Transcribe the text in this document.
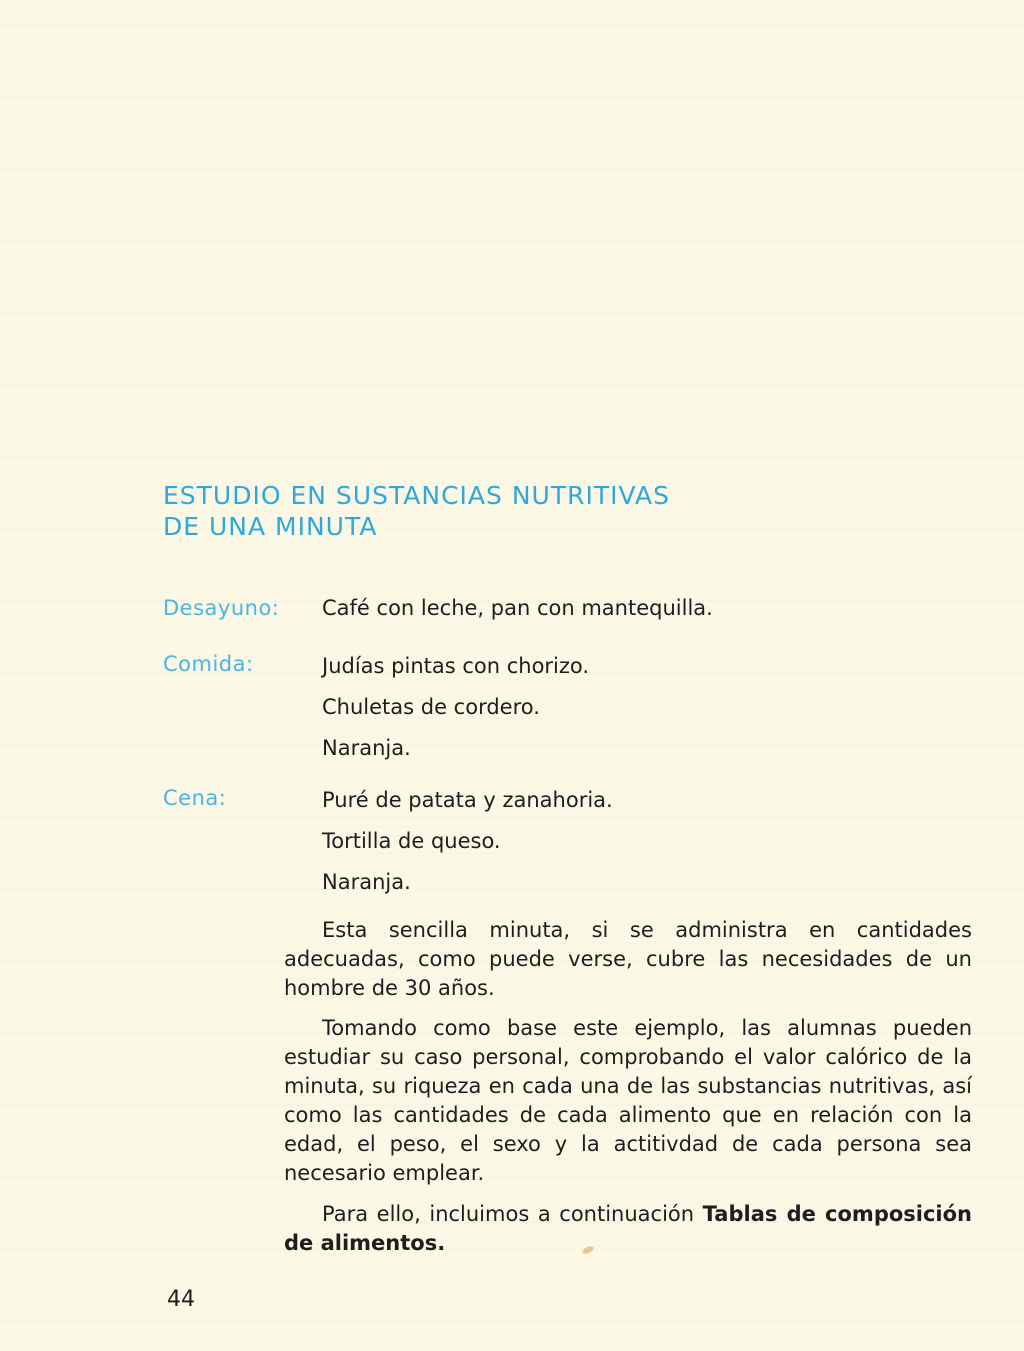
ESTUDIO EN SUSTANCIAS NUTRITIVAS
DE UNA MINUTA
Desayuno: Café con leche, pan con mantequilla.
Comida:	Judías pintas con chorizo.
Chuletas de cordero.
Naranja.
Cena:	Puré de patata y zanahoria.
Tortilla de queso.
Naranja.

Esta sencilla minuta, si se administra en cantidades adecuadas, como puede verse, cubre las necesidades de un hombre de 30 años.

Tomando como base este ejemplo, las alumnas pueden estudiar su caso personal, comprobando el valor calórico de la minuta, su riqueza en cada una de las substancias nutritivas, así como las cantidades de cada alimento que en relación con la edad, el peso, el sexo y la actitivdad de cada persona sea necesario emplear.

Para ello, incluimos a continuación Tablas de composición de alimentos.

44
